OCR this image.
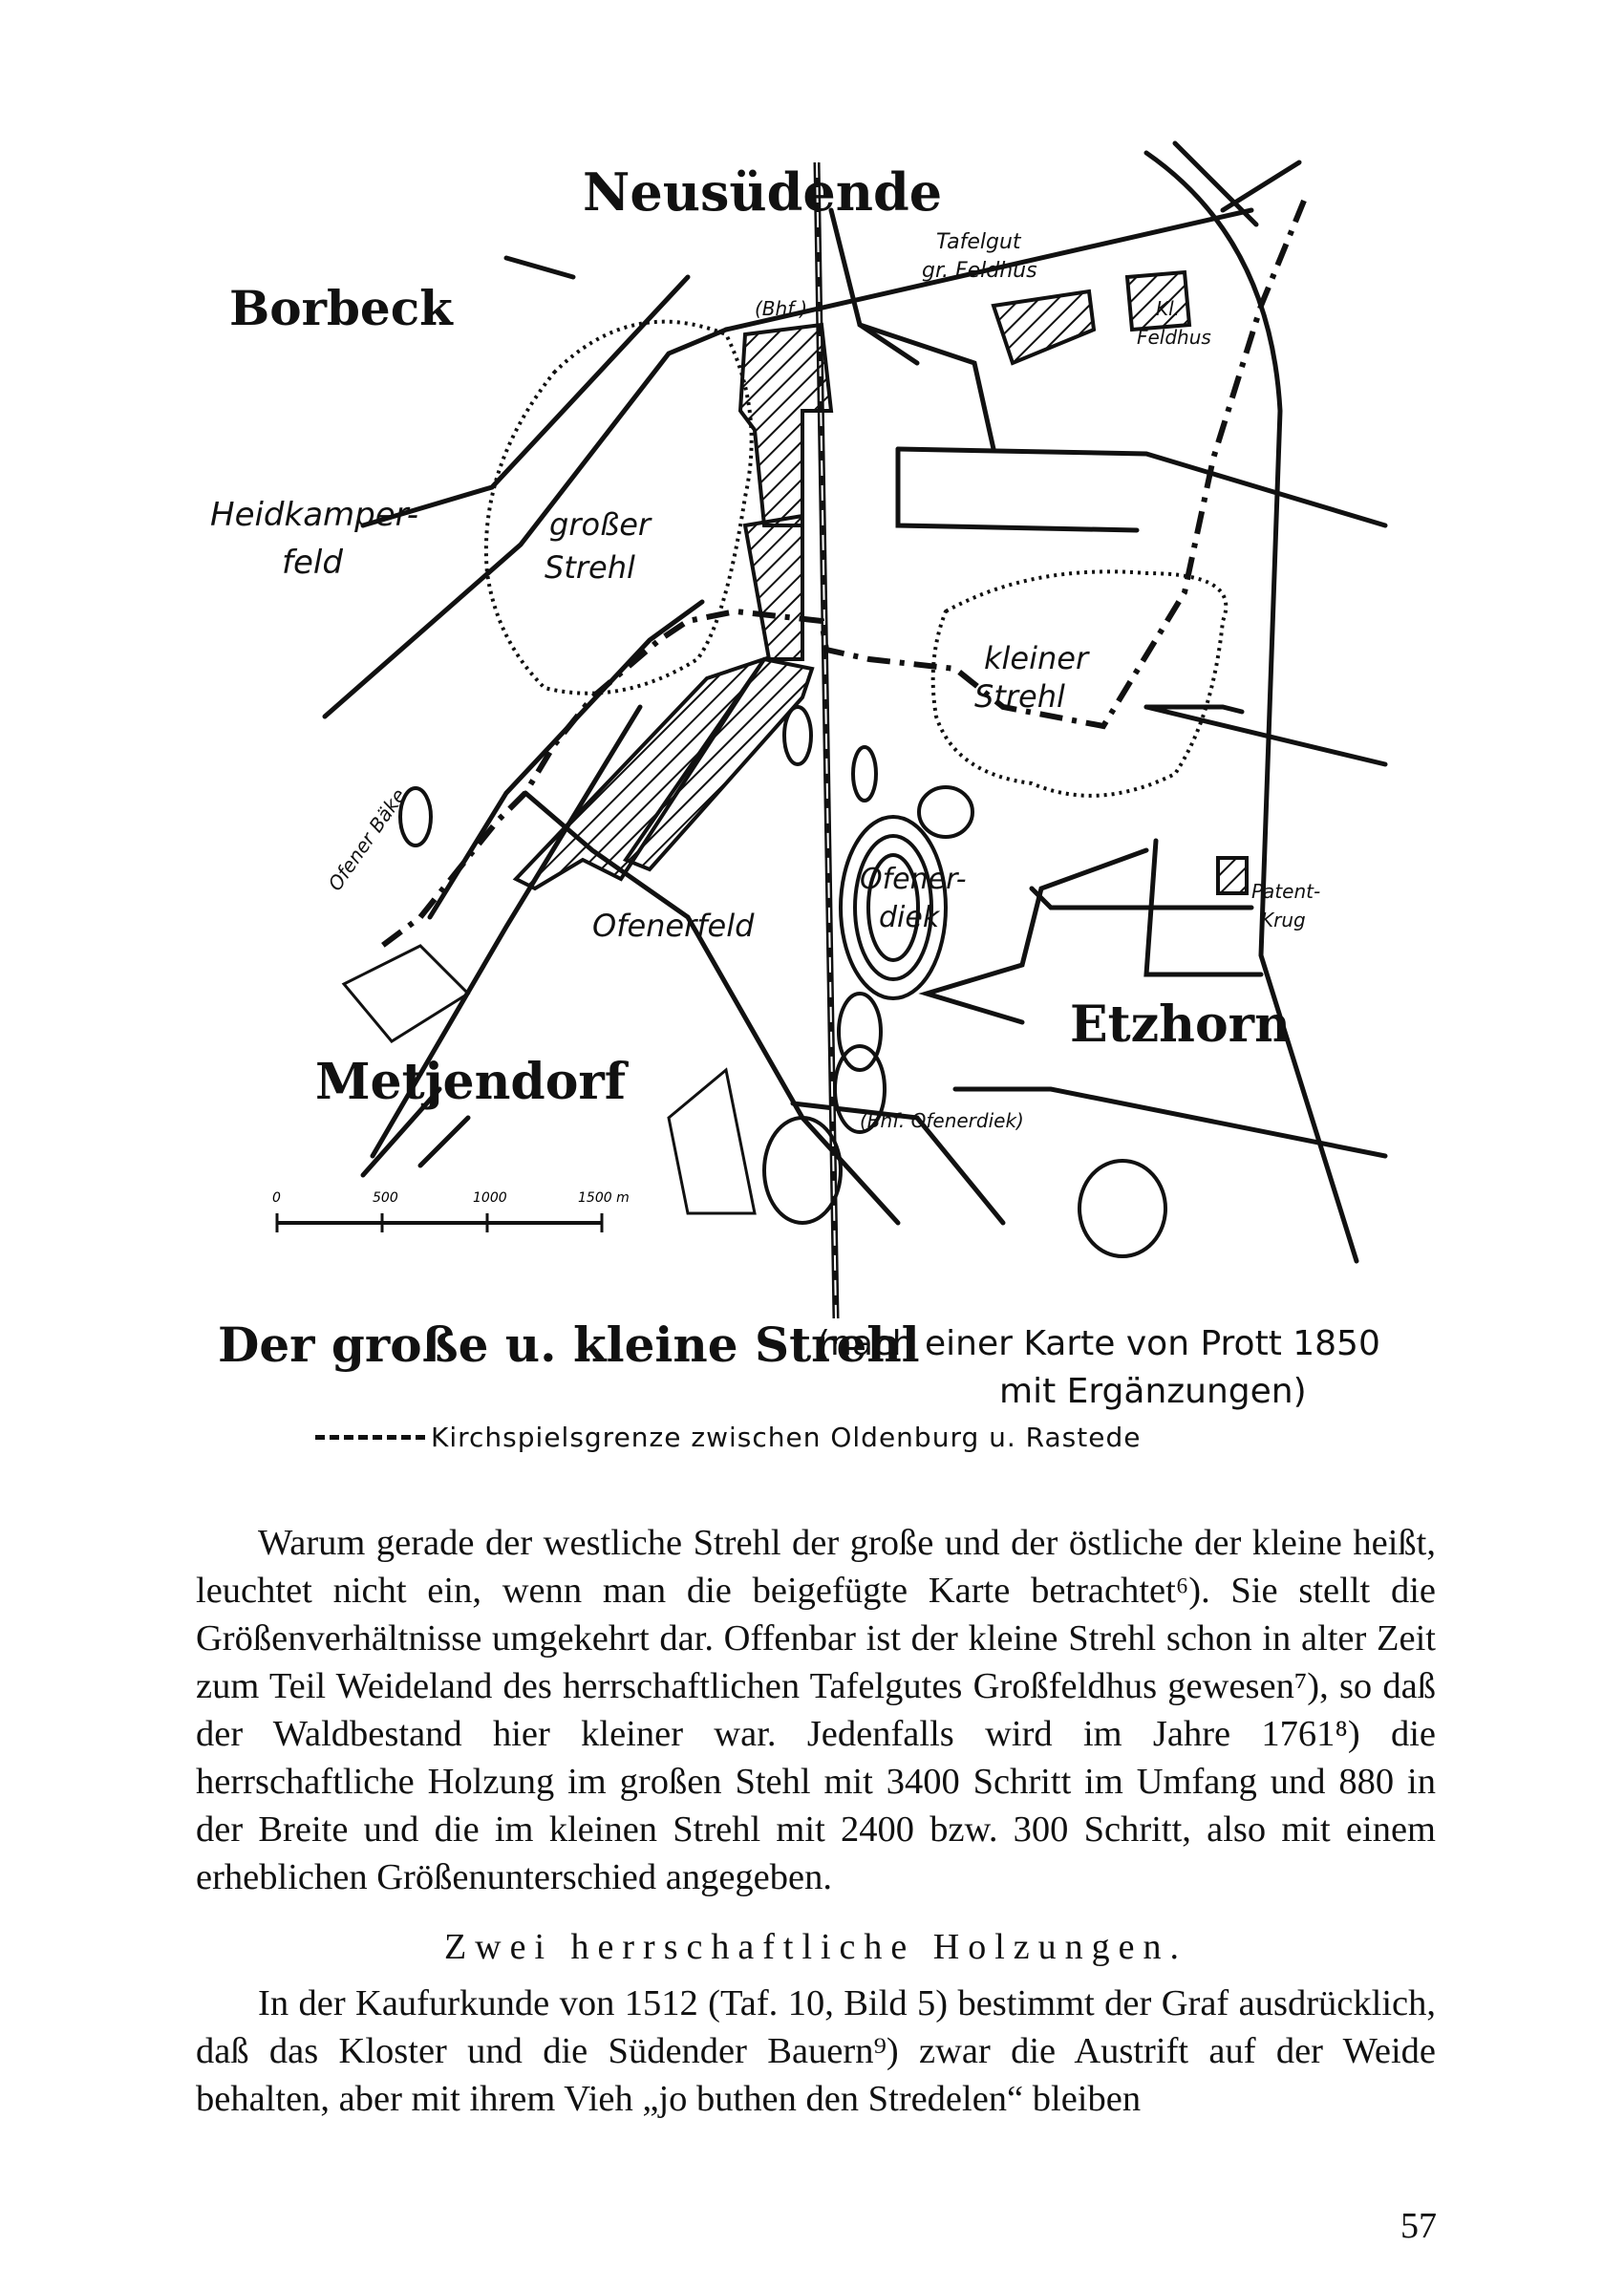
Neusüdende
Borbeck
Metjendorf
Etzhorn
Tafelgut
gr. Feldhus
Kl.
Feldhus
(Bhf.)
Heidkamper-
feld
großer
Strehl
kleiner
Strehl
Ofener Bäke
Ofenerfeld
Ofener-
diek
Patent-
Krug
(Bhf. Ofenerdiek)
0	500	1000	1500 m
Der große u. kleine Strehl
(nach einer Karte von Prott 1850
mit Ergänzungen)
Kirchspielsgrenze zwischen Oldenburg u. Rastede
Warum gerade der westliche Strehl der große und der östliche der kleine heißt, leuchtet nicht ein, wenn man die beigefügte Karte betrachtet⁶). Sie stellt die Größenverhältnisse umgekehrt dar. Offenbar ist der kleine Strehl schon in alter Zeit zum Teil Weideland des herrschaftlichen Tafelgutes Großfeldhus gewesen⁷), so daß der Waldbestand hier kleiner war. Jedenfalls wird im Jahre 1761⁸) die herrschaftliche Holzung im großen Stehl mit 3400 Schritt im Umfang und 880 in der Breite und die im kleinen Strehl mit 2400 bzw. 300 Schritt, also mit einem erheblichen Größenunterschied angegeben.
Zwei herrschaftliche Holzungen.
In der Kaufurkunde von 1512 (Taf. 10, Bild 5) bestimmt der Graf ausdrücklich, daß das Kloster und die Südender Bauern⁹) zwar die Austrift auf der Weide behalten, aber mit ihrem Vieh „jo buthen den Stredelen“ bleiben
57
